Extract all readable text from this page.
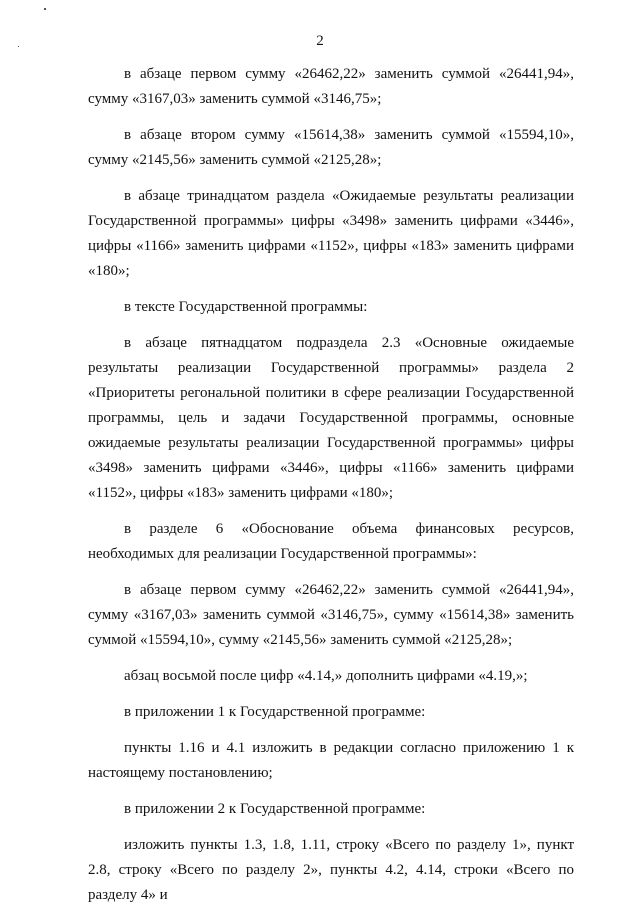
2

в абзаце первом сумму «26462,22» заменить суммой «26441,94», сумму «3167,03» заменить суммой «3146,75»;

в абзаце втором сумму «15614,38» заменить суммой «15594,10», сумму «2145,56» заменить суммой «2125,28»;

в абзаце тринадцатом раздела «Ожидаемые результаты реализации Государственной программы» цифры «3498» заменить цифрами «3446», цифры «1166» заменить цифрами «1152», цифры «183» заменить цифрами «180»;

в тексте Государственной программы:

в абзаце пятнадцатом подраздела 2.3 «Основные ожидаемые результаты реализации Государственной программы» раздела 2 «Приоритеты регональной политики в сфере реализации Государственной программы, цель и задачи Государственной программы, основные ожидаемые результаты реализации Государственной программы» цифры «3498» заменить цифрами «3446», цифры «1166» заменить цифрами «1152», цифры «183» заменить цифрами «180»;

в разделе 6 «Обоснование объема финансовых ресурсов, необходимых для реализации Государственной программы»:

в абзаце первом сумму «26462,22» заменить суммой «26441,94», сумму «3167,03» заменить суммой «3146,75», сумму «15614,38» заменить суммой «15594,10», сумму «2145,56» заменить суммой «2125,28»;

абзац восьмой после цифр «4.14,» дополнить цифрами «4.19,»;

в приложении 1 к Государственной программе:

пункты 1.16 и 4.1 изложить в редакции согласно приложению 1 к настоящему постановлению;

в приложении 2 к Государственной программе:

изложить пункты 1.3, 1.8, 1.11, строку «Всего по разделу 1», пункт 2.8, строку «Всего по разделу 2», пункты 4.2, 4.14, строки «Всего по разделу 4» и
